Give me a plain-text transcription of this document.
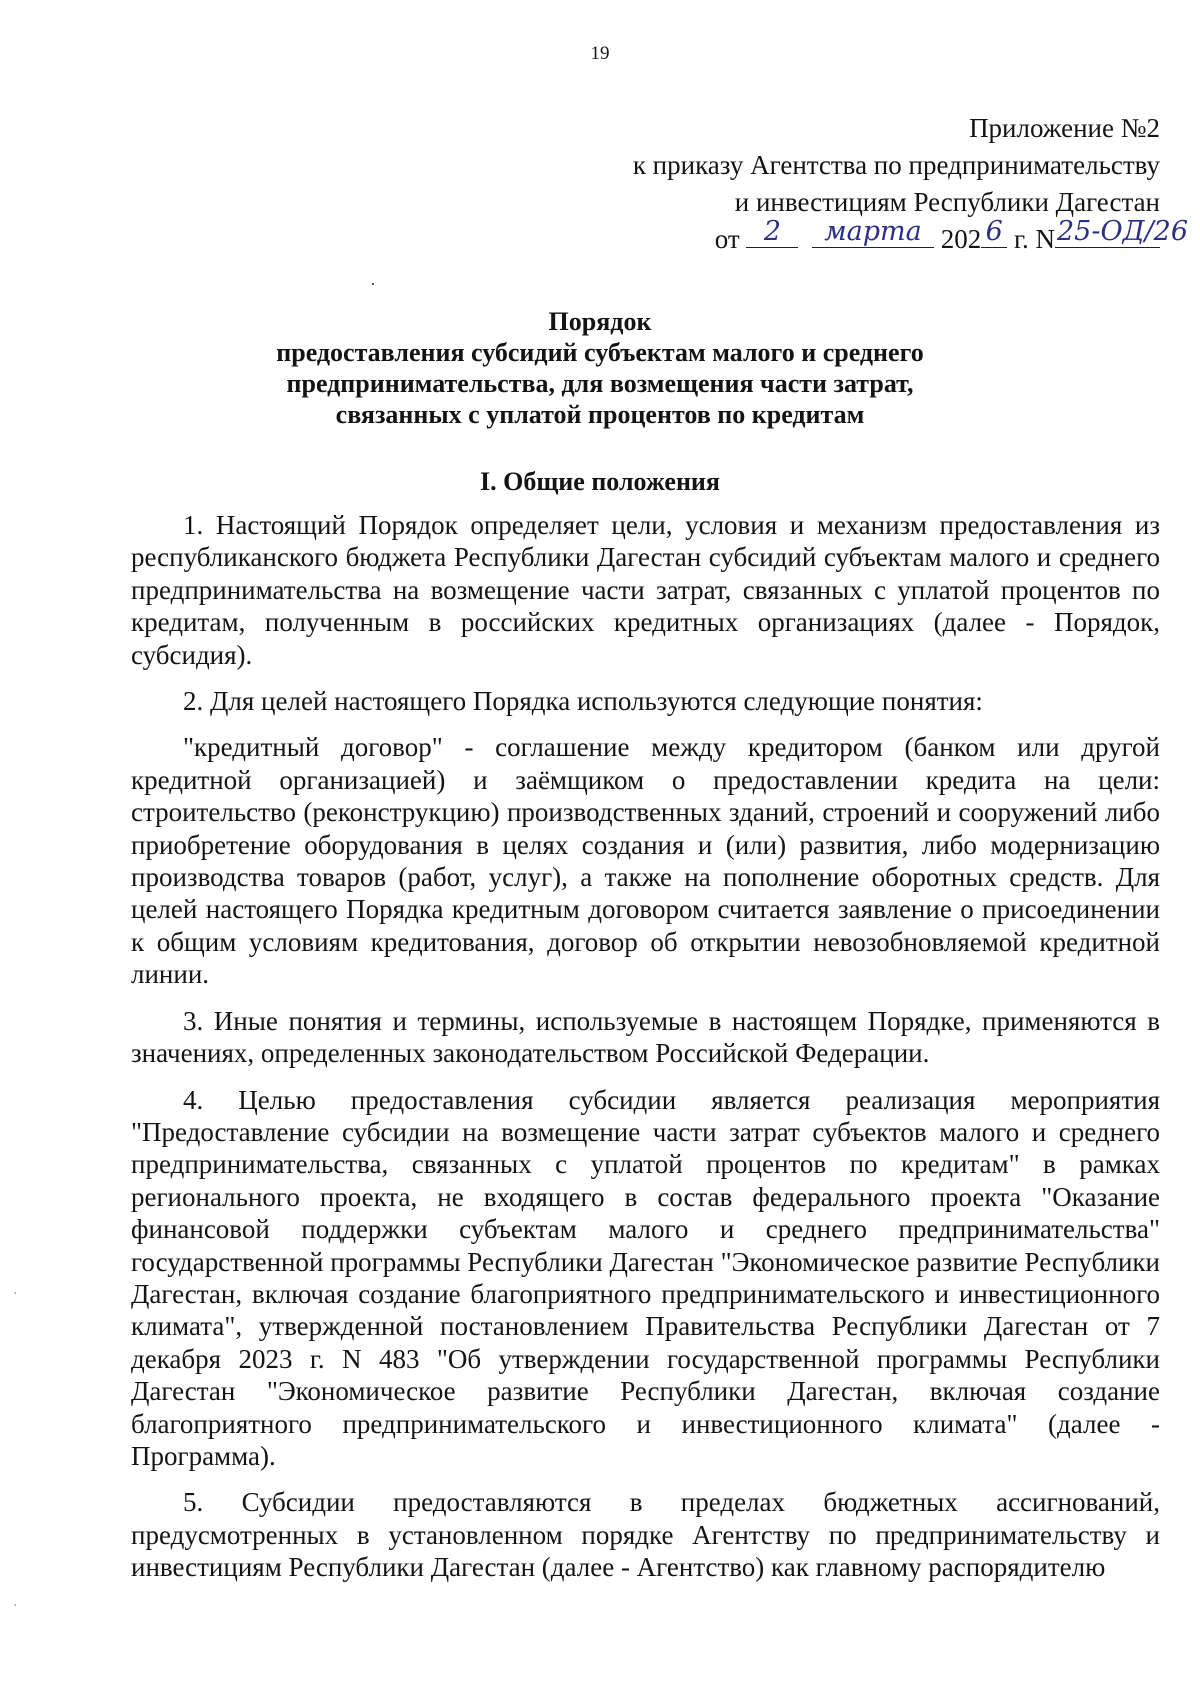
19
Приложение №2
к приказу Агентства по предпринимательству
и инвестициям Республики Дагестан
от 2
	марта 202 6 г. N 25-ОД/26
Порядок
предоставления субсидий субъектам малого и среднего
предпринимательства, для возмещения части затрат,
связанных с уплатой процентов по кредитам
I. Общие положения

1. Настоящий Порядок определяет цели, условия и механизм предоставления из республиканского бюджета Республики Дагестан субсидий субъектам малого и среднего предпринимательства на возмещение части затрат, связанных с уплатой процентов по кредитам, полученным в российских кредитных организациях (далее - Порядок, субсидия).

2. Для целей настоящего Порядка используются следующие понятия:

"кредитный договор" - соглашение между кредитором (банком или другой кредитной организацией) и заёмщиком о предоставлении кредита на цели: строительство (реконструкцию) производственных зданий, строений и сооружений либо приобретение оборудования в целях создания и (или) развития, либо модернизацию производства товаров (работ, услуг), а также на пополнение оборотных средств. Для целей настоящего Порядка кредитным договором считается заявление о присоединении к общим условиям кредитования, договор об открытии невозобновляемой кредитной линии.

3. Иные понятия и термины, используемые в настоящем Порядке, применяются в значениях, определенных законодательством Российской Федерации.

4. Целью предоставления субсидии является реализация мероприятия "Предоставление субсидии на возмещение части затрат субъектов малого и среднего предпринимательства, связанных с уплатой процентов по кредитам" в рамках регионального проекта, не входящего в состав федерального проекта "Оказание финансовой поддержки субъектам малого и среднего предпринимательства" государственной программы Республики Дагестан "Экономическое развитие Республики Дагестан, включая создание благоприятного предпринимательского и инвестиционного климата", утвержденной постановлением Правительства Республики Дагестан от 7 декабря 2023 г. N 483 "Об утверждении государственной программы Республики Дагестан "Экономическое развитие Республики Дагестан, включая создание благоприятного предпринимательского и инвестиционного климата" (далее - Программа).

5. Субсидии предоставляются в пределах бюджетных ассигнований, предусмотренных в установленном порядке Агентству по предпринимательству и инвестициям Республики Дагестан (далее - Агентство) как главному распорядителю
